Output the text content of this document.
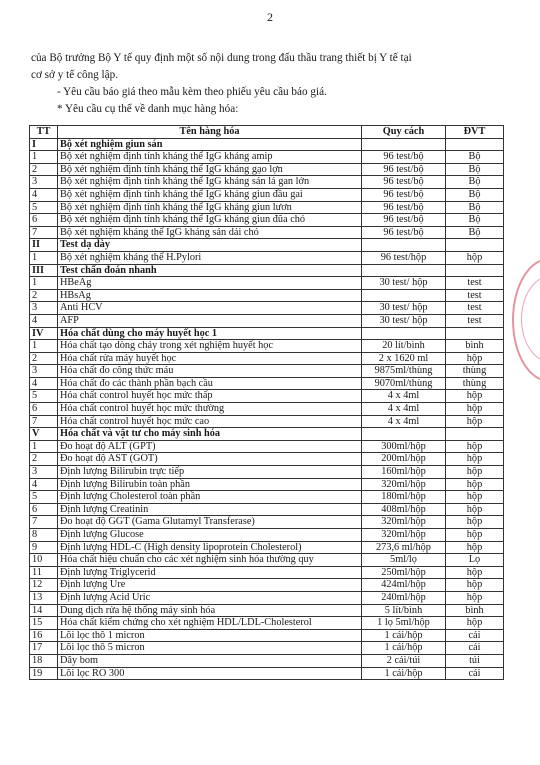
2

của Bộ trưởng Bộ Y tế quy định một số nội dung trong đấu thầu trang thiết bị Y tế tại

cơ sở y tế công lập.

- Yêu cầu báo giá theo mẫu kèm theo phiếu yêu cầu báo giá.

* Yêu cầu cụ thể về danh mục hàng hóa:

TT	Tên hàng hóa	Quy cách	ĐVT
I	Bộ xét nghiệm giun sán		
1	Bộ xét nghiệm định tính kháng thể IgG kháng amip	96 test/bộ	Bộ
2	Bộ xét nghiệm định tính kháng thể IgG kháng gạo lợn	96 test/bộ	Bộ
3	Bộ xét nghiệm định tính kháng thể IgG kháng sán lá gan lớn	96 test/bộ	Bộ
4	Bộ xét nghiệm định tính kháng thể IgG kháng giun đầu gai	96 test/bộ	Bộ
5	Bộ xét nghiệm định tính kháng thể IgG kháng giun lươn	96 test/bộ	Bộ
6	Bộ xét nghiệm định tính kháng thể IgG kháng giun đũa chó	96 test/bộ	Bộ
7	Bộ xét nghiệm kháng thể IgG kháng sán dải chó	96 test/bộ	Bộ
II	Test dạ dày		
1	Bộ xét nghiệm kháng thể H.Pylori	96 test/hộp	hộp
III	Test chẩn đoán nhanh		
1	HBeAg	30 test/ hộp	test
2	HBsAg		test
3	Anti HCV	30 test/ hộp	test
4	AFP	30 test/ hộp	test
IV	Hóa chất dùng cho máy huyết học 1		
1	Hóa chất tạo dòng chảy trong xét nghiệm huyết học	20 lít/bình	bình
2	Hóa chất rửa máy huyết học	2 x 1620 ml	hộp
3	Hóa chất đo công thức máu	9875ml/thùng	thùng
4	Hóa chất đo các thành phần bạch cầu	9070ml/thùng	thùng
5	Hóa chất control huyết học mức thấp	4 x 4ml	hộp
6	Hóa chất control huyết học mức thường	4 x 4ml	hộp
7	Hóa chất control huyết học mức cao	4 x 4ml	hộp
V	Hóa chất và vật tư cho máy sinh hóa		
1	Đo hoạt độ ALT (GPT)	300ml/hộp	hộp
2	Đo hoạt độ AST (GOT)	200ml/hộp	hộp
3	Định lượng Bilirubin trực tiếp	160ml/hộp	hộp
4	Định lượng Bilirubin toàn phần	320ml/hộp	hộp
5	Định lượng Cholesterol toàn phần	180ml/hộp	hộp
6	Định lượng Creatinin	408ml/hộp	hộp
7	Đo hoạt độ GGT (Gama Glutamyl Transferase)	320ml/hộp	hộp
8	Định lượng Glucose	320ml/hộp	hộp
9	Định lượng HDL-C (High density lipoprotein Cholesterol)	273,6 ml/hộp	hộp
10	Hóa chất hiệu chuẩn cho các xét nghiệm sinh hóa thường quy	5ml/lọ	Lọ
11	Định lượng Triglycerid	250ml/hộp	hộp
12	Định lượng Ure	424ml/hộp	hộp
13	Định lượng Acid Uric	240ml/hộp	hộp
14	Dung dịch rửa hệ thống máy sinh hóa	5 lít/bình	bình
15	Hóa chất kiểm chứng cho xét nghiệm HDL/LDL-Cholesterol	1 lọ 5ml/hộp	hộp
16	Lõi lọc thô 1 micron	1 cái/hộp	cái
17	Lõi lọc thô 5 micron	1 cái/hộp	cái
18	Dây bom	2 cái/túi	túi
19	Lõi lọc RO 300	1 cái/hộp	cái
